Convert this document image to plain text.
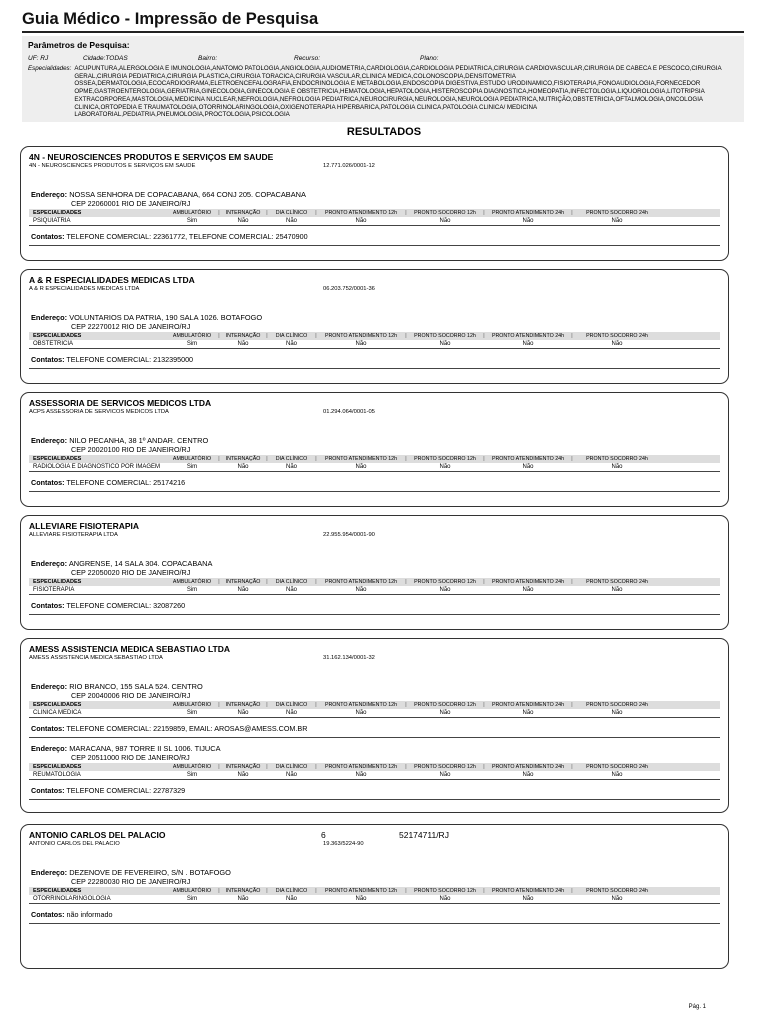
Guia Médico - Impressão de Pesquisa
Parâmetros de Pesquisa:
UF: RJ	Cidade:TODAS	Bairro:	Recurso:	Plano:
Especialidades: ACUPUNTURA,ALERGOLOGIA E IMUNOLOGIA,ANATOMO PATOLOGIA,ANGIOLOGIA,AUDIOMETRIA,CARDIOLOGIA,CARDIOLOGIA PEDIATRICA,CIRURGIA CARDIOVASCULAR,CIRURGIA DE CABECA E PESCOCO,CIRURGIA GERAL,CIRURGIA PEDIATRICA,CIRURGIA PLASTICA,CIRURGIA TORACICA,CIRURGIA VASCULAR,CLINICA MEDICA,COLONOSCOPIA,DENSITOMETRIA OSSEA,DERMATOLOGIA,ECOCARDIOGRAMA,ELETROENCEFALOGRAFIA,ENDOCRINOLOGIA E METABOLOGIA,ENDOSCOPIA DIGESTIVA,ESTUDO URODINAMICO,FISIOTERAPIA,FONOAUDIOLOGIA,FORNECEDOR OPME,GASTROENTEROLOGIA,GERIATRIA,GINECOLOGIA,GINECOLOGIA E OBSTETRICIA,HEMATOLOGIA,HEPATOLOGIA,HISTEROSCOPIA DIAGNOSTICA,HOMEOPATIA,INFECTOLOGIA,LIQUOROLOGIA,LITOTRIPSIA EXTRACORPOREA,MASTOLOGIA,MEDICINA NUCLEAR,NEFROLOGIA,NEFROLOGIA PEDIATRICA,NEUROCIRURGIA,NEUROLOGIA,NEUROLOGIA PEDIATRICA,NUTRIÇÃO,OBSTETRICIA,OFTALMOLOGIA,ONCOLOGIA CLINICA,ORTOPEDIA E TRAUMATOLOGIA,OTORRINOLARINGOLOGIA,OXIGENOTERAPIA HIPERBARICA,PATOLOGIA CLINICA,PATOLOGIA CLINICA/ MEDICINA LABORATORIAL,PEDIATRIA,PNEUMOLOGIA,PROCTOLOGIA,PSICOLOGIA
RESULTADOS
4N - NEUROSCIENCES PRODUTOS E SERVIÇOS EM SAUDE
4N - NEUROSCIENCES PRODUTOS E SERVIÇOS EM SAUDE	12.771.026/0001-12
Endereço: NOSSA SENHORA DE COPACABANA, 664 CONJ 205. COPACABANA
CEP 22060001 RIO DE JANEIRO/RJ
ESPECIALIDADES	AMBULATÓRIO	|	INTERNAÇÃO	|	DIA CLÍNICO	|	PRONTO ATENDIMENTO 12h	|	PRONTO SOCORRO 12h	|	PRONTO ATENDIMENTO 24h	|	PRONTO SOCORRO 24h
PSIQUIATRIA	Sim	Não	Não	Não	Não	Não	Não
Contatos: TELEFONE COMERCIAL: 22361772, TELEFONE COMERCIAL: 25470900
A & R ESPECIALIDADES MEDICAS LTDA
A & R ESPECIALIDADES MEDICAS LTDA	06.203.752/0001-36
Endereço: VOLUNTARIOS DA PATRIA, 190 SALA 1026. BOTAFOGO
CEP 22270012 RIO DE JANEIRO/RJ
ESPECIALIDADES	AMBULATÓRIO	|	INTERNAÇÃO	|	DIA CLÍNICO	|	PRONTO ATENDIMENTO 12h	|	PRONTO SOCORRO 12h	|	PRONTO ATENDIMENTO 24h	|	PRONTO SOCORRO 24h
OBSTETRICIA	Sim	Não	Não	Não	Não	Não	Não
Contatos: TELEFONE COMERCIAL: 2132395000
ASSESSORIA DE SERVICOS MEDICOS LTDA
ACPS ASSESSORIA DE SERVICOS MEDICOS LTDA	01.294.064/0001-05
Endereço: NILO PECANHA, 38 1º ANDAR. CENTRO
CEP 20020100 RIO DE JANEIRO/RJ
ESPECIALIDADES	AMBULATÓRIO	|	INTERNAÇÃO	|	DIA CLÍNICO	|	PRONTO ATENDIMENTO 12h	|	PRONTO SOCORRO 12h	|	PRONTO ATENDIMENTO 24h	|	PRONTO SOCORRO 24h
RADIOLOGIA E DIAGNOSTICO POR IMAGEM	Sim	Não	Não	Não	Não	Não	Não
Contatos: TELEFONE COMERCIAL: 25174216
ALLEVIARE FISIOTERAPIA
ALLEVIARE FISIOTERAPIA LTDA	22.955.954/0001-90
Endereço: ANGRENSE, 14 SALA 304. COPACABANA
CEP 22050020 RIO DE JANEIRO/RJ
ESPECIALIDADES	AMBULATÓRIO	|	INTERNAÇÃO	|	DIA CLÍNICO	|	PRONTO ATENDIMENTO 12h	|	PRONTO SOCORRO 12h	|	PRONTO ATENDIMENTO 24h	|	PRONTO SOCORRO 24h
FISIOTERAPIA	Sim	Não	Não	Não	Não	Não	Não
Contatos: TELEFONE COMERCIAL: 32087260
AMESS ASSISTENCIA MEDICA SEBASTIAO LTDA
AMESS ASSISTENCIA MEDICA SEBASTIAO LTDA	31.162.134/0001-32
Endereço: RIO BRANCO, 155 SALA 524. CENTRO
CEP 20040006 RIO DE JANEIRO/RJ
ESPECIALIDADES	AMBULATÓRIO	|	INTERNAÇÃO	|	DIA CLÍNICO	|	PRONTO ATENDIMENTO 12h	|	PRONTO SOCORRO 12h	|	PRONTO ATENDIMENTO 24h	|	PRONTO SOCORRO 24h
CLINICA MEDICA	Sim	Não	Não	Não	Não	Não	Não
Contatos: TELEFONE COMERCIAL: 22159859, EMAIL: AROSAS@AMESS.COM.BR
Endereço: MARACANA, 987 TORRE II SL 1006. TIJUCA
CEP 20511000 RIO DE JANEIRO/RJ
ESPECIALIDADES	AMBULATÓRIO	|	INTERNAÇÃO	|	DIA CLÍNICO	|	PRONTO ATENDIMENTO 12h	|	PRONTO SOCORRO 12h	|	PRONTO ATENDIMENTO 24h	|	PRONTO SOCORRO 24h
REUMATOLOGIA	Sim	Não	Não	Não	Não	Não	Não
Contatos: TELEFONE COMERCIAL: 22787329
ANTONIO CARLOS DEL PALACIO	6	52174711/RJ
ANTONIO CARLOS DEL PALACIO	19.363/5224-90
Endereço: DEZENOVE DE FEVEREIRO, S/N . BOTAFOGO
CEP 22280030 RIO DE JANEIRO/RJ
ESPECIALIDADES	AMBULATÓRIO	|	INTERNAÇÃO	|	DIA CLÍNICO	|	PRONTO ATENDIMENTO 12h	|	PRONTO SOCORRO 12h	|	PRONTO ATENDIMENTO 24h	|	PRONTO SOCORRO 24h
OTORRINOLARINGOLOGIA	Sim	Não	Não	Não	Não	Não	Não
Contatos: não informado
Pág. 1
